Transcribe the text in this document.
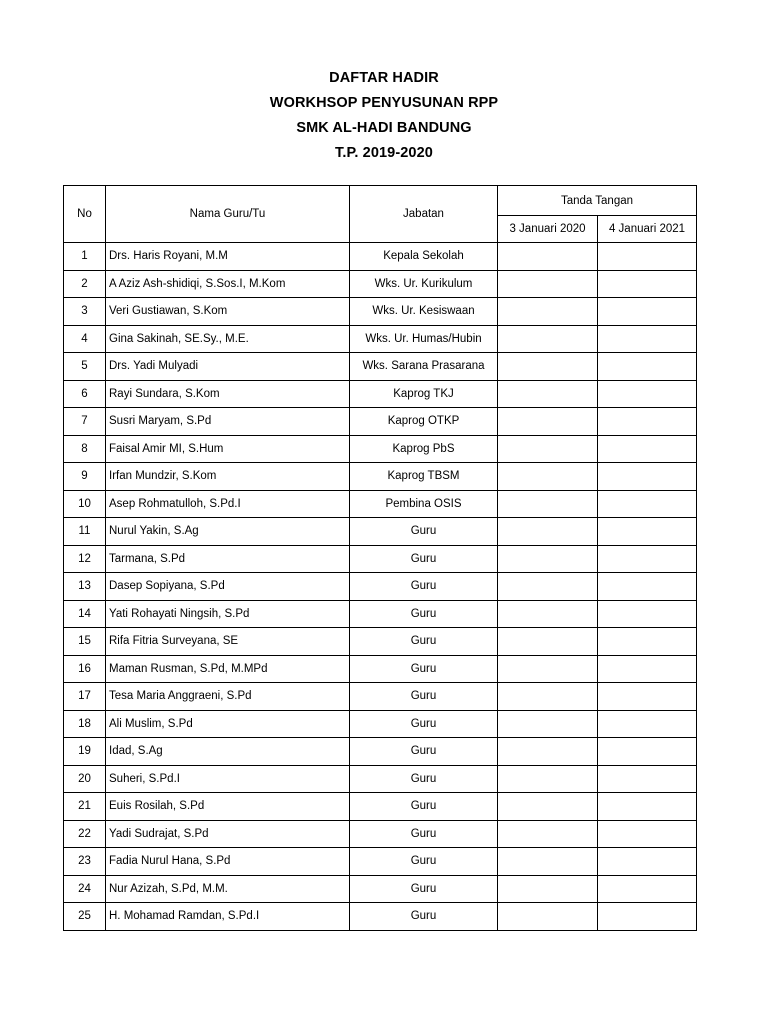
DAFTAR HADIR
WORKHSOP PENYUSUNAN RPP
SMK AL-HADI BANDUNG
T.P. 2019-2020
No	Nama Guru/Tu	Jabatan	Tanda Tangan	
			3 Januari 2020	4 Januari 2021
1	Drs. Haris Royani, M.M	Kepala Sekolah		
2	A Aziz Ash-shidiqi, S.Sos.I, M.Kom	Wks. Ur. Kurikulum		
3	Veri Gustiawan, S.Kom	Wks. Ur. Kesiswaan		
4	Gina Sakinah, SE.Sy., M.E.	Wks. Ur. Humas/Hubin		
5	Drs. Yadi Mulyadi	Wks. Sarana Prasarana		
6	Rayi Sundara, S.Kom	Kaprog TKJ		
7	Susri Maryam, S.Pd	Kaprog OTKP		
8	Faisal Amir MI, S.Hum	Kaprog PbS		
9	Irfan Mundzir, S.Kom	Kaprog TBSM		
10	Asep Rohmatulloh, S.Pd.I	Pembina OSIS		
11	Nurul Yakin, S.Ag	Guru		
12	Tarmana, S.Pd	Guru		
13	Dasep Sopiyana, S.Pd	Guru		
14	Yati Rohayati Ningsih, S.Pd	Guru		
15	Rifa Fitria Surveyana, SE	Guru		
16	Maman Rusman, S.Pd, M.MPd	Guru		
17	Tesa Maria Anggraeni, S.Pd	Guru		
18	Ali Muslim, S.Pd	Guru		
19	Idad, S.Ag	Guru		
20	Suheri, S.Pd.I	Guru		
21	Euis Rosilah, S.Pd	Guru		
22	Yadi Sudrajat, S.Pd	Guru		
23	Fadia Nurul Hana, S.Pd	Guru		
24	Nur Azizah, S.Pd, M.M.	Guru		
25	H. Mohamad Ramdan, S.Pd.I	Guru		
